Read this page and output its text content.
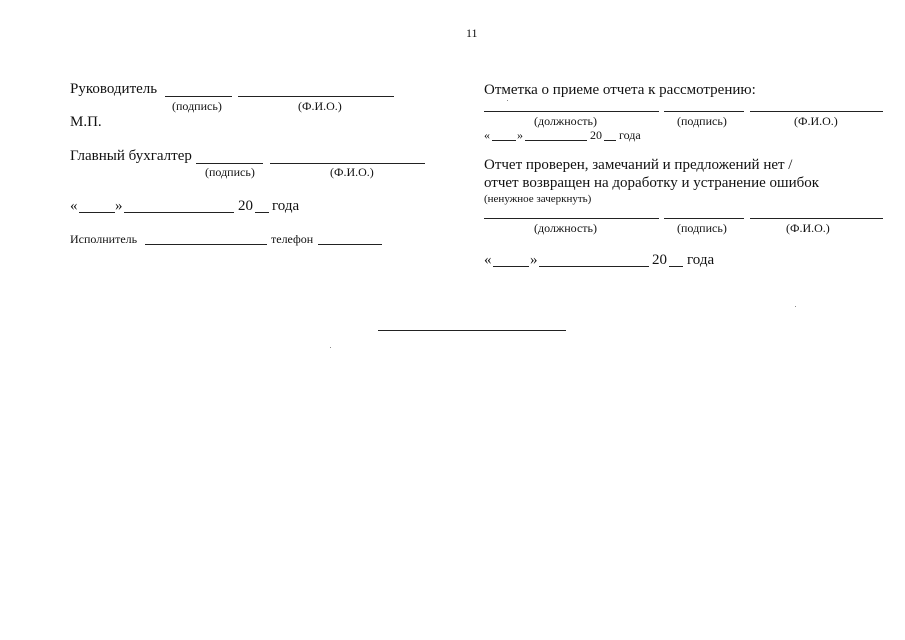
11
Руководитель
(подпись)	(Ф.И.О.)
М.П.
Главный бухгалтер
(подпись)	(Ф.И.О.)
«	»	20 года
Исполнитель	телефон
Отметка о приеме отчета к рассмотрению:
(должность)	(подпись)	(Ф.И.О.)
« »	20 года
Отчет проверен, замечаний и предложений нет /
отчет возвращен на доработку и устранение ошибок
(ненужное зачеркнуть)
(должность)	(подпись)	(Ф.И.О.)
«	»	20 года
